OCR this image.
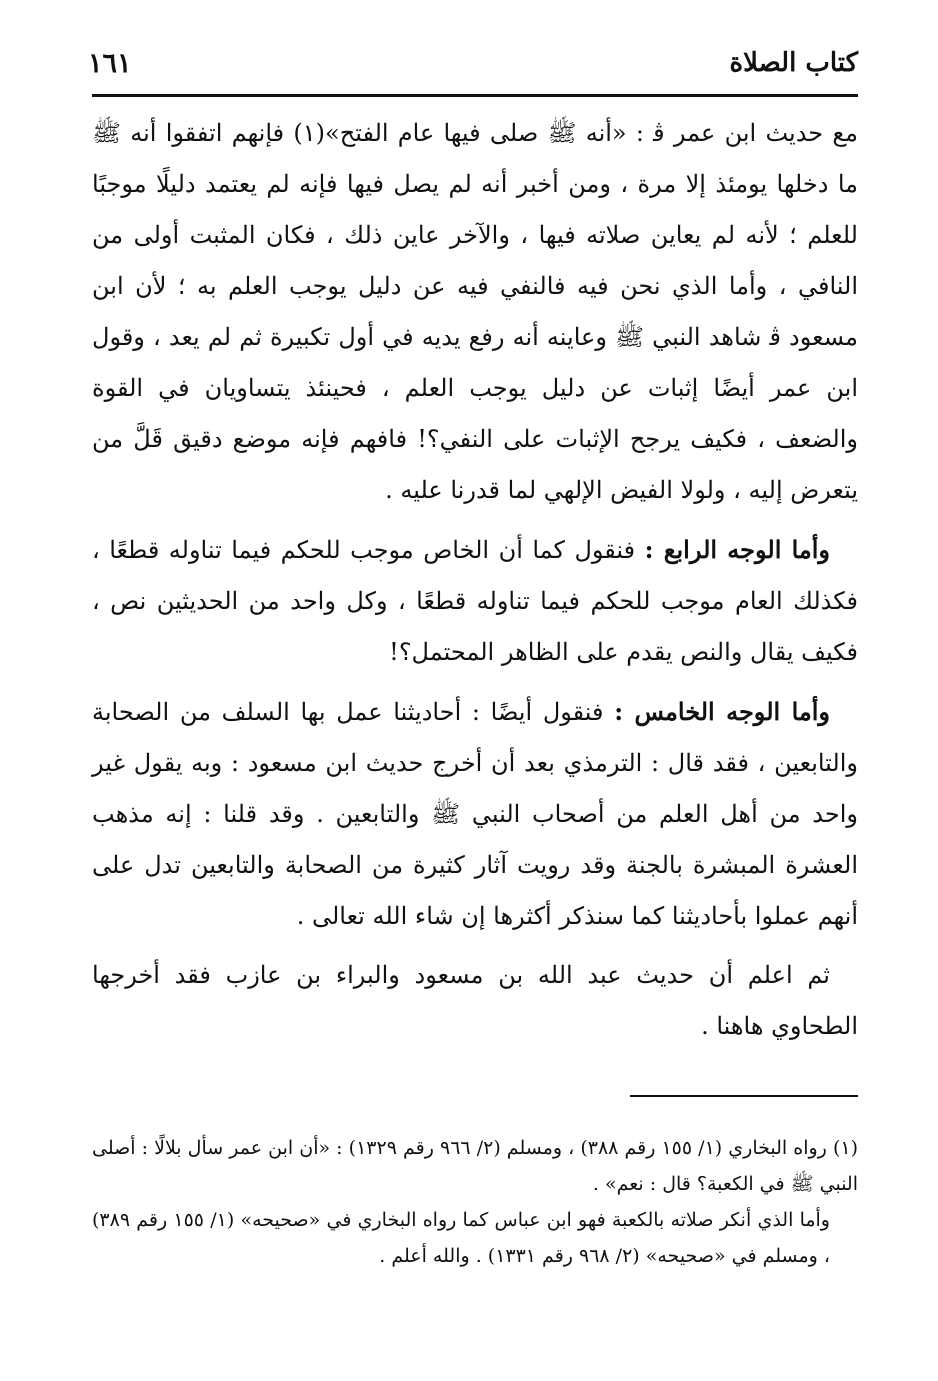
كتاب الصلاة
١٦١

مع حديث ابن عمر ﭬ : «أنه ﷺ صلى فيها عام الفتح»(١) فإنهم اتفقوا أنه ﷺ ما دخلها يومئذ إلا مرة ، ومن أخبر أنه لم يصل فيها فإنه لم يعتمد دليلًا موجبًا للعلم ؛ لأنه لم يعاين صلاته فيها ، والآخر عاين ذلك ، فكان المثبت أولى من النافي ، وأما الذي نحن فيه فالنفي فيه عن دليل يوجب العلم به ؛ لأن ابن مسعود ﭬ شاهد النبي ﷺ وعاينه أنه رفع يديه في أول تكبيرة ثم لم يعد ، وقول ابن عمر أيضًا إثبات عن دليل يوجب العلم ، فحينئذ يتساويان في القوة والضعف ، فكيف يرجح الإثبات على النفي؟! فافهم فإنه موضع دقيق قَلَّ من يتعرض إليه ، ولولا الفيض الإلهي لما قدرنا عليه .

وأما الوجه الرابع : فنقول كما أن الخاص موجب للحكم فيما تناوله قطعًا ، فكذلك العام موجب للحكم فيما تناوله قطعًا ، وكل واحد من الحديثين نص ، فكيف يقال والنص يقدم على الظاهر المحتمل؟!

وأما الوجه الخامس : فنقول أيضًا : أحاديثنا عمل بها السلف من الصحابة والتابعين ، فقد قال : الترمذي بعد أن أخرج حديث ابن مسعود : وبه يقول غير واحد من أهل العلم من أصحاب النبي ﷺ والتابعين . وقد قلنا : إنه مذهب العشرة المبشرة بالجنة وقد رويت آثار كثيرة من الصحابة والتابعين تدل على أنهم عملوا بأحاديثنا كما سنذكر أكثرها إن شاء الله تعالى .

ثم اعلم أن حديث عبد الله بن مسعود والبراء بن عازب فقد أخرجها الطحاوي هاهنا .

(١) رواه البخاري (١/ ١٥٥ رقم ٣٨٨) ، ومسلم (٢/ ٩٦٦ رقم ١٣٢٩) : «أن ابن عمر سأل بلالًا : أصلى النبي ﷺ في الكعبة؟ قال : نعم» .

وأما الذي أنكر صلاته بالكعبة فهو ابن عباس كما رواه البخاري في «صحيحه» (١/ ١٥٥ رقم ٣٨٩) ، ومسلم في «صحيحه» (٢/ ٩٦٨ رقم ١٣٣١) . والله أعلم .
